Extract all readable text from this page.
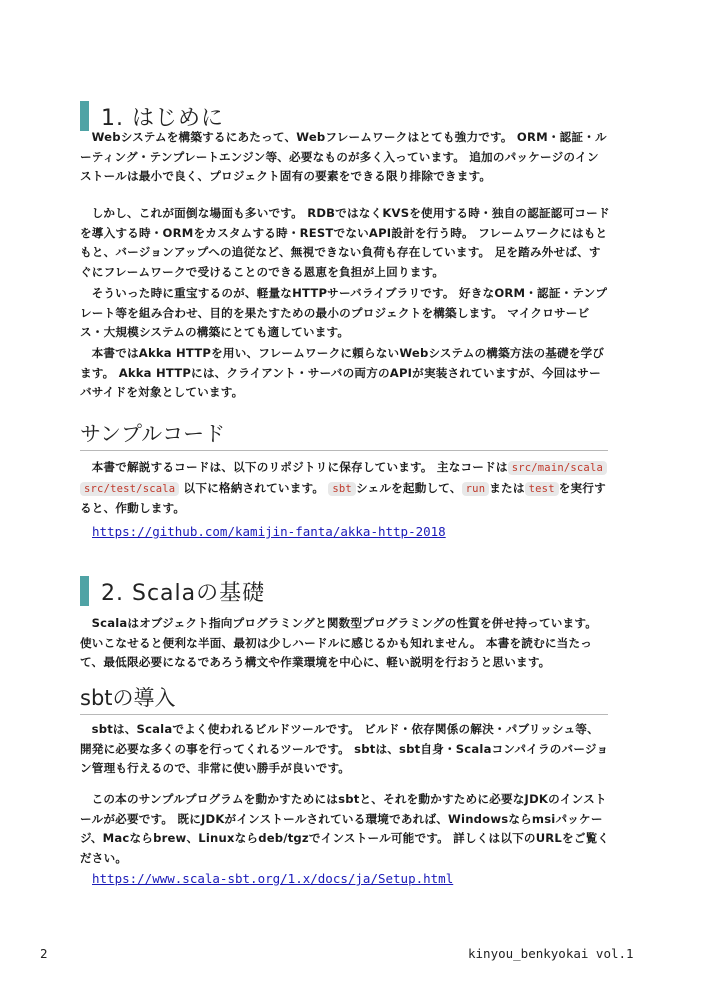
1. はじめに

Webシステムを構築するにあたって、Webフレームワークはとても強力です。 ORM・認証・ルーティング・テンプレートエンジン等、必要なものが多く入っています。 追加のパッケージのインストールは最小で良く、プロジェクト固有の要素をできる限り排除できます。

しかし、これが面倒な場面も多いです。 RDBではなくKVSを使用する時・独自の認証認可コードを導入する時・ORMをカスタムする時・RESTでないAPI設計を行う時。 フレームワークにはもともと、バージョンアップへの追従など、無視できない負荷も存在しています。 足を踏み外せば、すぐにフレームワークで受けることのできる恩恵を負担が上回ります。

そういった時に重宝するのが、軽量なHTTPサーバライブラリです。 好きなORM・認証・テンプレート等を組み合わせ、目的を果たすための最小のプロジェクトを構築します。 マイクロサービス・大規模システムの構築にとても適しています。

本書ではAkka HTTPを用い、フレームワークに頼らないWebシステムの構築方法の基礎を学びます。 Akka HTTPには、クライアント・サーバの両方のAPIが実装されていますが、今回はサーバサイドを対象としています。

サンプルコード

本書で解説するコードは、以下のリポジトリに保存しています。 主なコードは src/main/scala src/test/scala 以下に格納されています。 sbt シェルを起動して、 run または test を実行すると、作動します。

https://github.com/kamijin-fanta/akka-http-2018
2. Scalaの基礎

Scalaはオブジェクト指向プログラミングと関数型プログラミングの性質を併せ持っています。 使いこなせると便利な半面、最初は少しハードルに感じるかも知れません。 本書を読むに当たって、最低限必要になるであろう構文や作業環境を中心に、軽い説明を行おうと思います。

sbtの導入

sbtは、Scalaでよく使われるビルドツールです。 ビルド・依存関係の解決・パブリッシュ等、開発に必要な多くの事を行ってくれるツールです。 sbtは、sbt自身・Scalaコンパイラのバージョン管理も行えるので、非常に使い勝手が良いです。

この本のサンプルプログラムを動かすためにはsbtと、それを動かすために必要なJDKのインストールが必要です。 既にJDKがインストールされている環境であれば、Windowsならmsiパッケージ、Macならbrew、Linuxならdeb/tgzでインストール可能です。 詳しくは以下のURLをご覧ください。

https://www.scala-sbt.org/1.x/docs/ja/Setup.html
2	kinyou_benkyokai vol.1
